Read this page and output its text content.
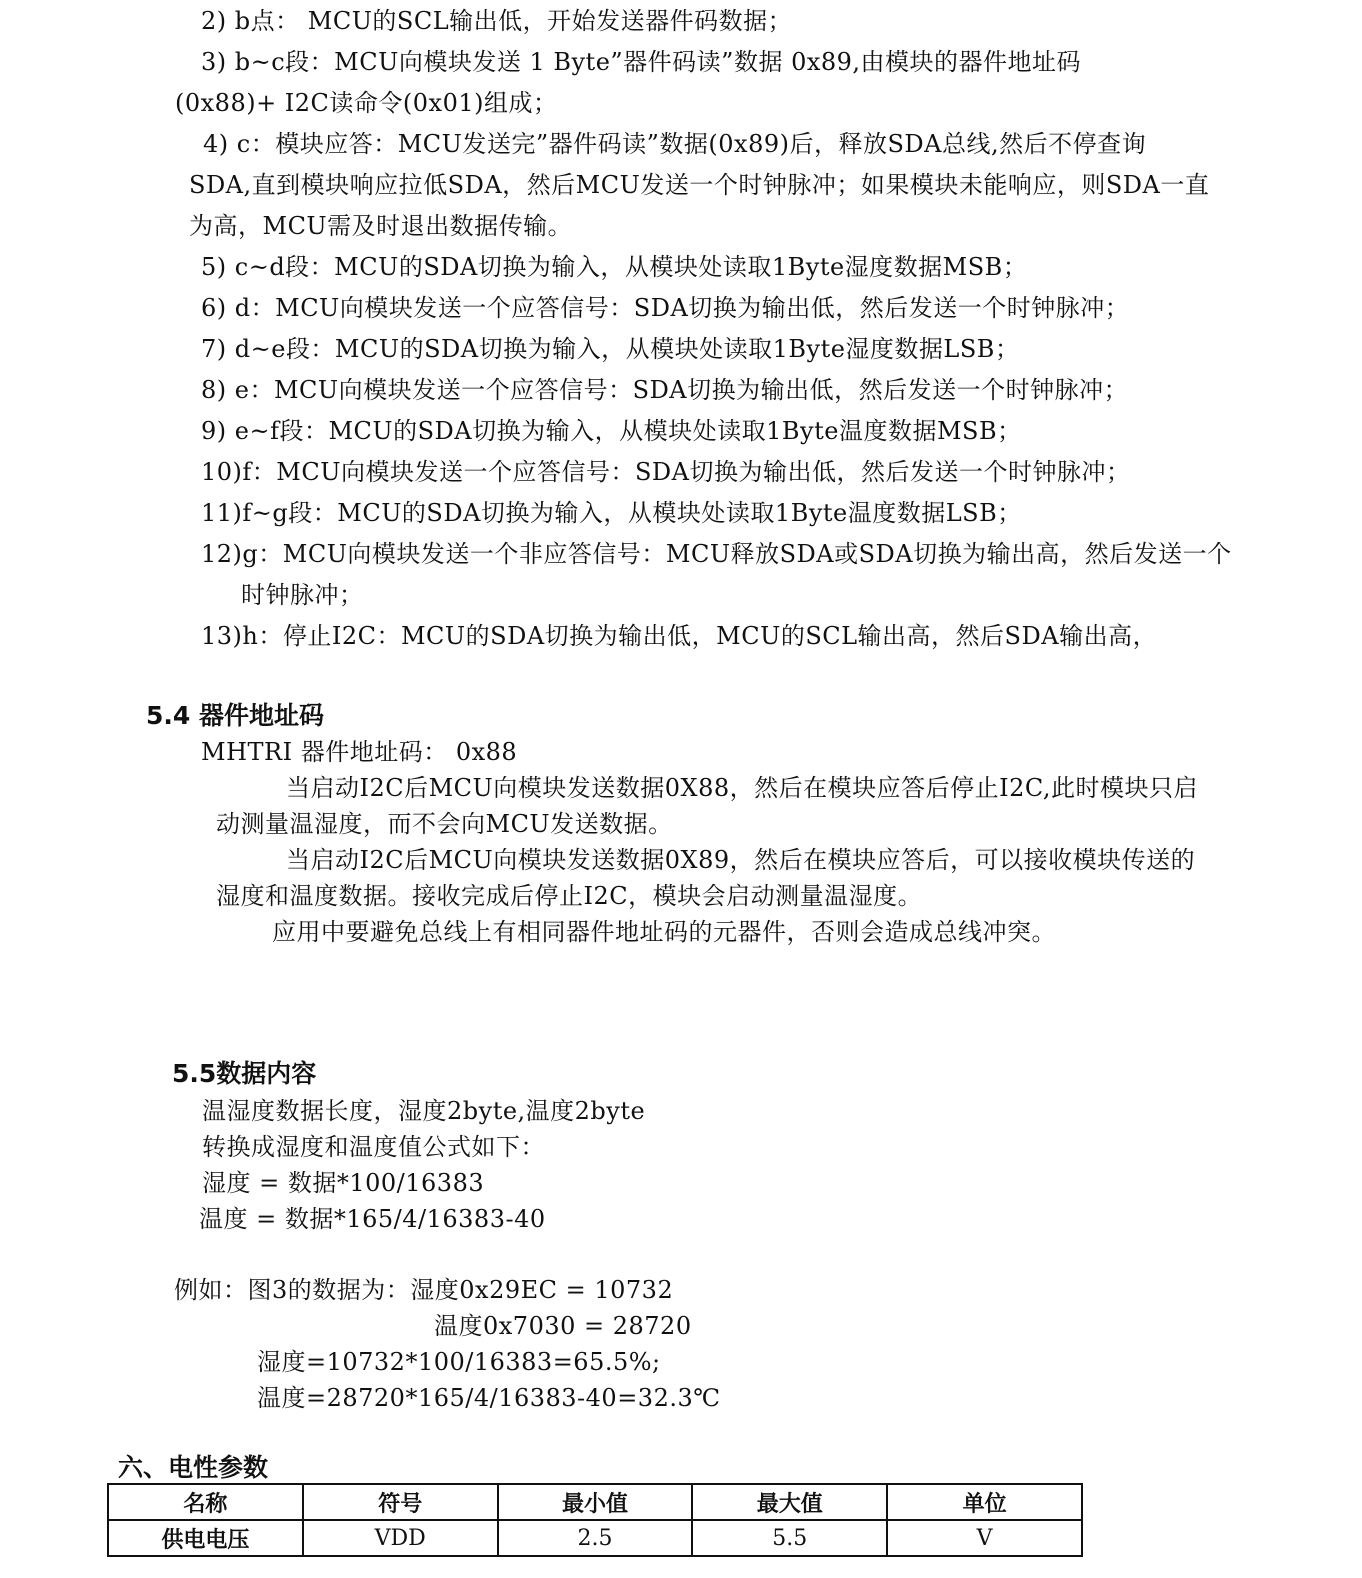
2) b点： MCU的SCL输出低，开始发送器件码数据；
3) b~c段：MCU向模块发送 1 Byte”器件码读”数据 0x89,由模块的器件地址码
(0x88)+ I2C读命令(0x01)组成；
4) c：模块应答：MCU发送完”器件码读”数据(0x89)后，释放SDA总线,然后不停查询
SDA,直到模块响应拉低SDA，然后MCU发送一个时钟脉冲；如果模块未能响应，则SDA一直
为高，MCU需及时退出数据传输。
5) c~d段：MCU的SDA切换为输入，从模块处读取1Byte湿度数据MSB；
6) d：MCU向模块发送一个应答信号：SDA切换为输出低，然后发送一个时钟脉冲；
7) d~e段：MCU的SDA切换为输入，从模块处读取1Byte湿度数据LSB；
8) e：MCU向模块发送一个应答信号：SDA切换为输出低，然后发送一个时钟脉冲；
9) e~f段：MCU的SDA切换为输入，从模块处读取1Byte温度数据MSB；
10)f：MCU向模块发送一个应答信号：SDA切换为输出低，然后发送一个时钟脉冲；
11)f~g段：MCU的SDA切换为输入，从模块处读取1Byte温度数据LSB；
12)g：MCU向模块发送一个非应答信号：MCU释放SDA或SDA切换为输出高，然后发送一个
时钟脉冲；
13)h：停止I2C：MCU的SDA切换为输出低，MCU的SCL输出高，然后SDA输出高，
5.4 器件地址码
MHTRI 器件地址码： 0x88
当启动I2C后MCU向模块发送数据0X88，然后在模块应答后停止I2C,此时模块只启
动测量温湿度，而不会向MCU发送数据。
当启动I2C后MCU向模块发送数据0X89，然后在模块应答后，可以接收模块传送的
湿度和温度数据。接收完成后停止I2C，模块会启动测量温湿度。
应用中要避免总线上有相同器件地址码的元器件，否则会造成总线冲突。
5.5数据内容
温湿度数据长度，湿度2byte,温度2byte
转换成湿度和温度值公式如下：
湿度 = 数据*100/16383
温度 = 数据*165/4/16383-40
例如：图3的数据为：湿度0x29EC = 10732
温度0x7030 = 28720
湿度=10732*100/16383=65.5%;
温度=28720*165/4/16383-40=32.3℃
六、电性参数
名称	符号	最小值	最大值	单位
供电电压	VDD	2.5	5.5	V
